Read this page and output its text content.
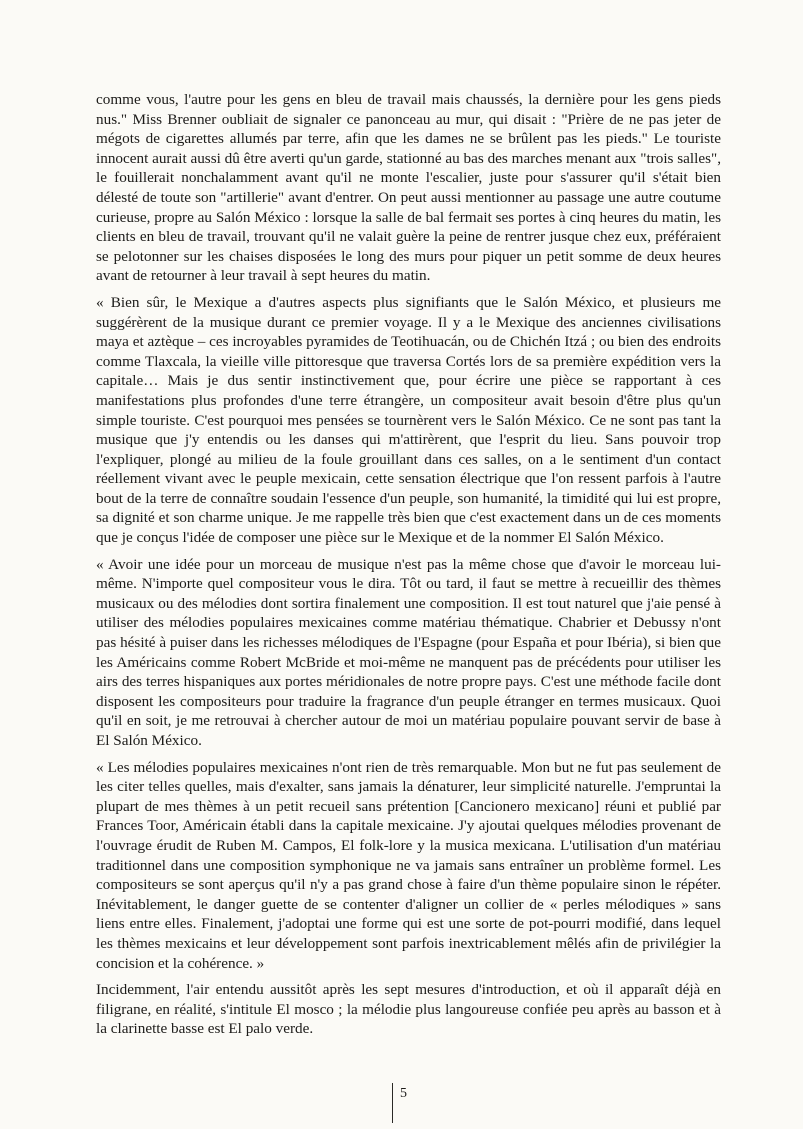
comme vous, l'autre pour les gens en bleu de travail mais chaussés, la dernière pour les gens pieds nus." Miss Brenner oubliait de signaler ce panonceau au mur, qui disait : "Prière de ne pas jeter de mégots de cigarettes allumés par terre, afin que les dames ne se brûlent pas les pieds." Le touriste innocent aurait aussi dû être averti qu'un garde, stationné au bas des marches menant aux "trois salles", le fouillerait nonchalamment avant qu'il ne monte l'escalier, juste pour s'assurer qu'il s'était bien délesté de toute son "artillerie" avant d'entrer. On peut aussi mentionner au passage une autre coutume curieuse, propre au Salón México : lorsque la salle de bal fermait ses portes à cinq heures du matin, les clients en bleu de travail, trouvant qu'il ne valait guère la peine de rentrer jusque chez eux, préféraient se pelotonner sur les chaises disposées le long des murs pour piquer un petit somme de deux heures avant de retourner à leur travail à sept heures du matin.

« Bien sûr, le Mexique a d'autres aspects plus signifiants que le Salón México, et plusieurs me suggérèrent de la musique durant ce premier voyage. Il y a le Mexique des anciennes civilisations maya et aztèque – ces incroyables pyramides de Teotihuacán, ou de Chichén Itzá ; ou bien des endroits comme Tlaxcala, la vieille ville pittoresque que traversa Cortés lors de sa première expédition vers la capitale… Mais je dus sentir instinctivement que, pour écrire une pièce se rapportant à ces manifestations plus profondes d'une terre étrangère, un compositeur avait besoin d'être plus qu'un simple touriste. C'est pourquoi mes pensées se tournèrent vers le Salón México. Ce ne sont pas tant la musique que j'y entendis ou les danses qui m'attirèrent, que l'esprit du lieu. Sans pouvoir trop l'expliquer, plongé au milieu de la foule grouillant dans ces salles, on a le sentiment d'un contact réellement vivant avec le peuple mexicain, cette sensation électrique que l'on ressent parfois à l'autre bout de la terre de connaître soudain l'essence d'un peuple, son humanité, la timidité qui lui est propre, sa dignité et son charme unique. Je me rappelle très bien que c'est exactement dans un de ces moments que je conçus l'idée de composer une pièce sur le Mexique et de la nommer El Salón México.

« Avoir une idée pour un morceau de musique n'est pas la même chose que d'avoir le morceau lui-même. N'importe quel compositeur vous le dira. Tôt ou tard, il faut se mettre à recueillir des thèmes musicaux ou des mélodies dont sortira finalement une composition. Il est tout naturel que j'aie pensé à utiliser des mélodies populaires mexicaines comme matériau thématique. Chabrier et Debussy n'ont pas hésité à puiser dans les richesses mélodiques de l'Espagne (pour España et pour Ibéria), si bien que les Américains comme Robert McBride et moi-même ne manquent pas de précédents pour utiliser les airs des terres hispaniques aux portes méridionales de notre propre pays. C'est une méthode facile dont disposent les compositeurs pour traduire la fragrance d'un peuple étranger en termes musicaux. Quoi qu'il en soit, je me retrouvai à chercher autour de moi un matériau populaire pouvant servir de base à El Salón México.

« Les mélodies populaires mexicaines n'ont rien de très remarquable. Mon but ne fut pas seulement de les citer telles quelles, mais d'exalter, sans jamais la dénaturer, leur simplicité naturelle. J'empruntai la plupart de mes thèmes à un petit recueil sans prétention [Cancionero mexicano] réuni et publié par Frances Toor, Américain établi dans la capitale mexicaine. J'y ajoutai quelques mélodies provenant de l'ouvrage érudit de Ruben M. Campos, El folk-lore y la musica mexicana. L'utilisation d'un matériau traditionnel dans une composition symphonique ne va jamais sans entraîner un problème formel. Les compositeurs se sont aperçus qu'il n'y a pas grand chose à faire d'un thème populaire sinon le répéter. Inévitablement, le danger guette de se contenter d'aligner un collier de « perles mélodiques » sans liens entre elles. Finalement, j'adoptai une forme qui est une sorte de pot-pourri modifié, dans lequel les thèmes mexicains et leur développement sont parfois inextricablement mêlés afin de privilégier la concision et la cohérence. »

Incidemment, l'air entendu aussitôt après les sept mesures d'introduction, et où il apparaît déjà en filigrane, en réalité, s'intitule El mosco ; la mélodie plus langoureuse confiée peu après au basson et à la clarinette basse est El palo verde.

5
